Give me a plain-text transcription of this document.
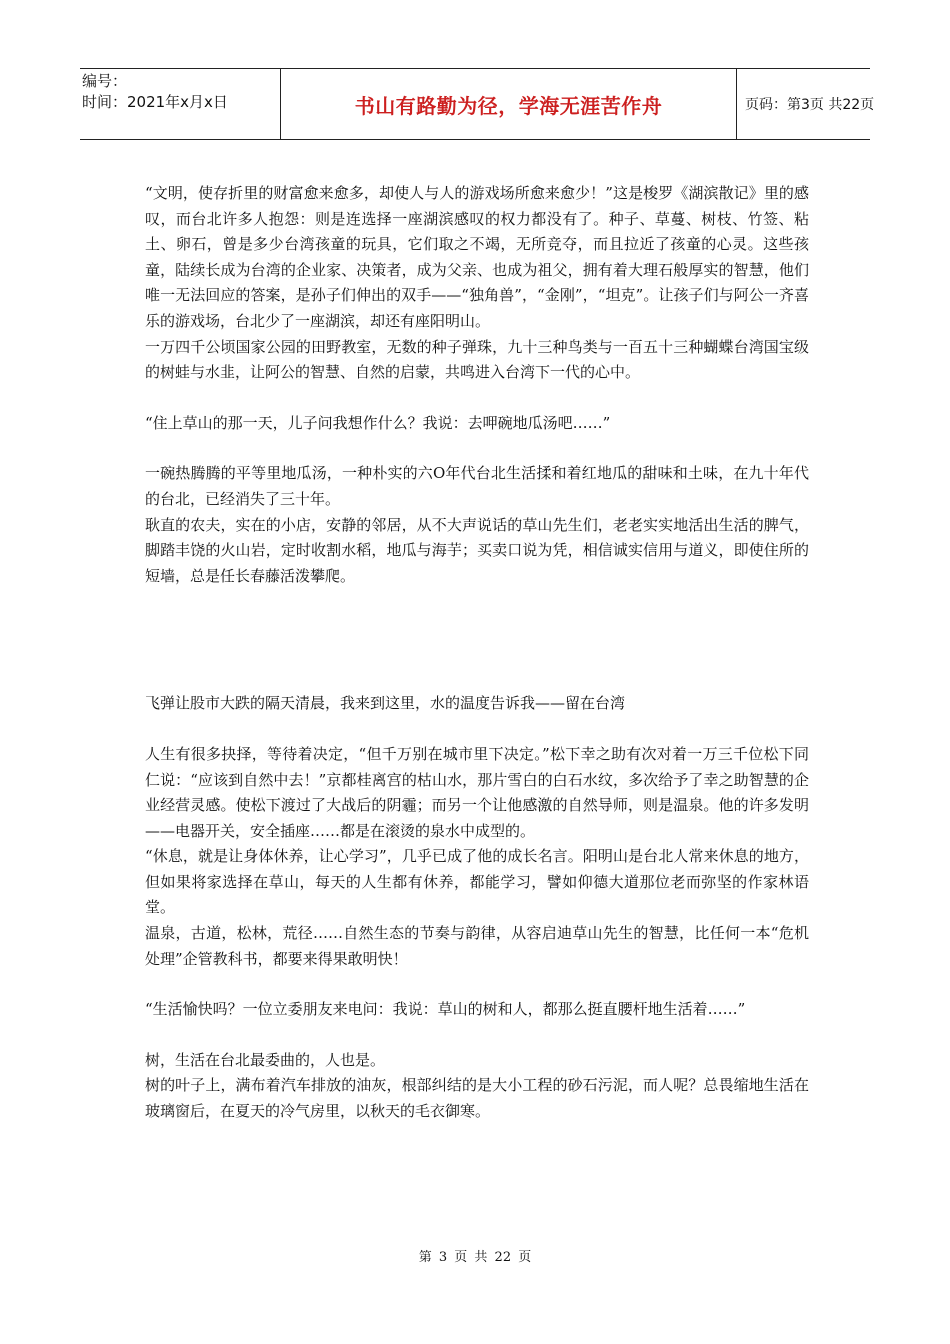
编号：
时间：2021年x月x日	书山有路勤为径，学海无涯苦作舟	页码：第3页 共22页

“文明，使存折里的财富愈来愈多，却使人与人的游戏场所愈来愈少！”这是梭罗《湖滨散记》里的感叹，而台北许多人抱怨：则是连选择一座湖滨感叹的权力都没有了。种子、草蔓、树枝、竹签、粘土、卵石，曾是多少台湾孩童的玩具，它们取之不竭，无所竞夺，而且拉近了孩童的心灵。这些孩童，陆续长成为台湾的企业家、决策者，成为父亲、也成为祖父，拥有着大理石般厚实的智慧，他们唯一无法回应的答案，是孙子们伸出的双手——“独角兽”，“金刚”，“坦克”。让孩子们与阿公一齐喜乐的游戏场，台北少了一座湖滨，却还有座阳明山。

一万四千公顷国家公园的田野教室，无数的种子弹珠，九十三种鸟类与一百五十三种蝴蝶台湾国宝级的树蛙与水韭，让阿公的智慧、自然的启蒙，共鸣进入台湾下一代的心中。

“住上草山的那一天，儿子问我想作什么？我说：去呷碗地瓜汤吧……”

一碗热腾腾的平等里地瓜汤，一种朴实的六O年代台北生活揉和着红地瓜的甜味和土味，在九十年代的台北，已经消失了三十年。

耿直的农夫，实在的小店，安静的邻居，从不大声说话的草山先生们，老老实实地活出生活的脾气，脚踏丰饶的火山岩，定时收割水稻，地瓜与海芋；买卖口说为凭，相信诚实信用与道义，即使住所的短墙，总是任长春藤活泼攀爬。

飞弹让股市大跌的隔天清晨，我来到这里，水的温度告诉我——留在台湾

人生有很多抉择，等待着决定，“但千万别在城市里下决定。”松下幸之助有次对着一万三千位松下同仁说：“应该到自然中去！”京都桂离宫的枯山水，那片雪白的白石水纹，多次给予了幸之助智慧的企业经营灵感。使松下渡过了大战后的阴霾；而另一个让他感激的自然导师，则是温泉。他的许多发明——电器开关，安全插座……都是在滚烫的泉水中成型的。

“休息，就是让身体休养，让心学习”，几乎已成了他的成长名言。阳明山是台北人常来休息的地方，但如果将家选择在草山，每天的人生都有休养，都能学习，譬如仰德大道那位老而弥坚的作家林语堂。

温泉，古道，松林，荒径……自然生态的节奏与韵律，从容启迪草山先生的智慧，比任何一本“危机处理”企管教科书，都要来得果敢明快！

“生活愉快吗？一位立委朋友来电问：我说：草山的树和人，都那么挺直腰杆地生活着……”

树，生活在台北最委曲的，人也是。

树的叶子上，满布着汽车排放的油灰，根部纠结的是大小工程的砂石污泥，而人呢？总畏缩地生活在玻璃窗后，在夏天的冷气房里，以秋天的毛衣御寒。

第 3 页 共 22 页
